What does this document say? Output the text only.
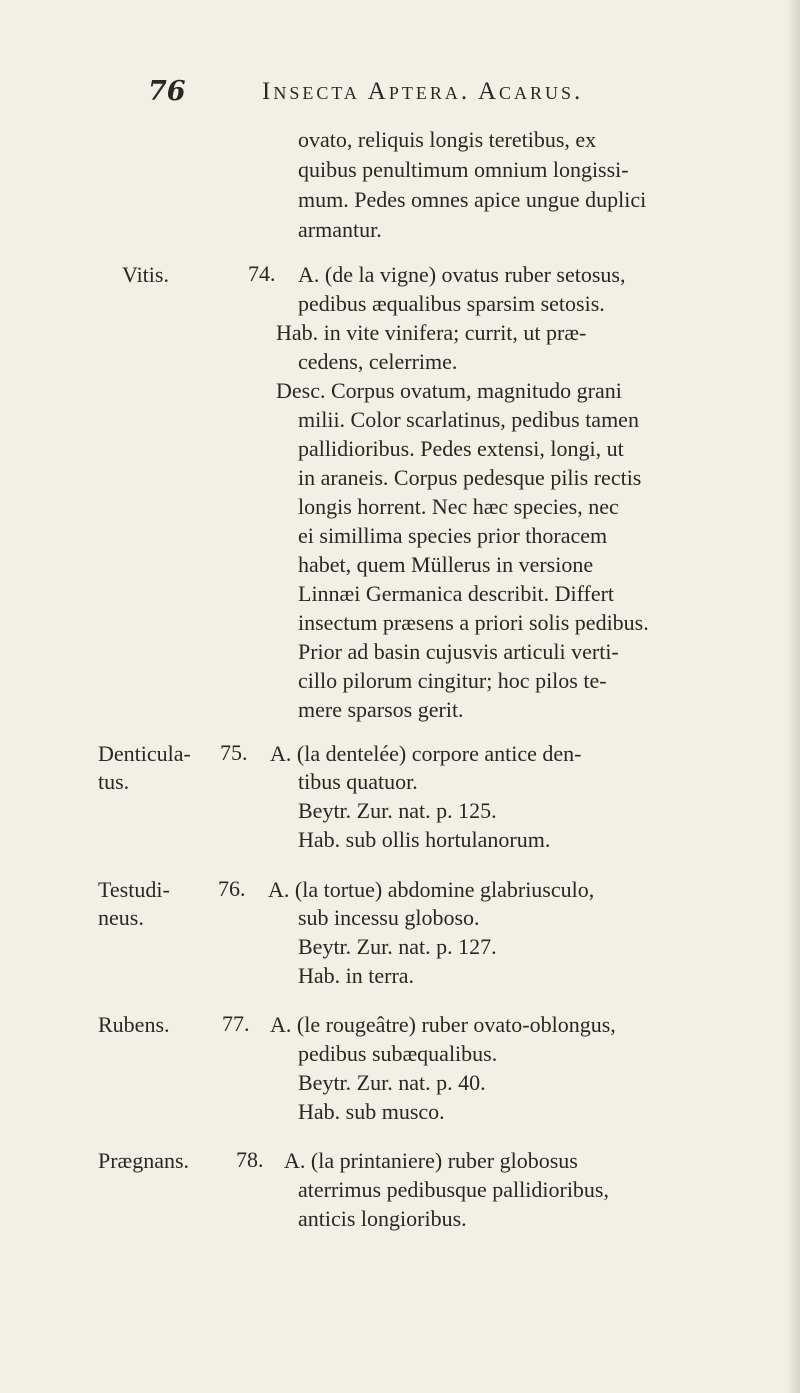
76	Insecta Aptera. Acarus.
ovato, reliquis longis teretibus, ex
quibus penultimum omnium longissi-
mum. Pedes omnes apice ungue duplici
armantur.
Vitis.	74. A. (de la vigne) ovatus ruber setosus,
pedibus æqualibus sparsim setosis.
Hab. in vite vinifera; currit, ut præ-
cedens, celerrime.
Desc. Corpus ovatum, magnitudo grani
milii. Color scarlatinus, pedibus tamen
pallidioribus. Pedes extensi, longi, ut
in araneis. Corpus pedesque pilis rectis
longis horrent. Nec hæc species, nec
ei simillima species prior thoracem
habet, quem Müllerus in versione
Linnæi Germanica describit. Differt
insectum præsens a priori solis pedibus.
Prior ad basin cujusvis articuli verti-
cillo pilorum cingitur; hoc pilos te-
mere sparsos gerit.
Denticula-
tus.
75. A. (la dentelée) corpore antice den-
tibus quatuor.
Beytr. Zur. nat. p. 125.
Hab. sub ollis hortulanorum.
Testudi-
neus.
76. A. (la tortue) abdomine glabriusculo,
sub incessu globoso.
Beytr. Zur. nat. p. 127.
Hab. in terra.
Rubens. 77. A. (le rougeâtre) ruber ovato-oblongus,
pedibus subæqualibus.
Beytr. Zur. nat. p. 40.
Hab. sub musco.
Prægnans. 78. A. (la printaniere) ruber globosus
aterrimus pedibusque pallidioribus,
anticis longioribus.
